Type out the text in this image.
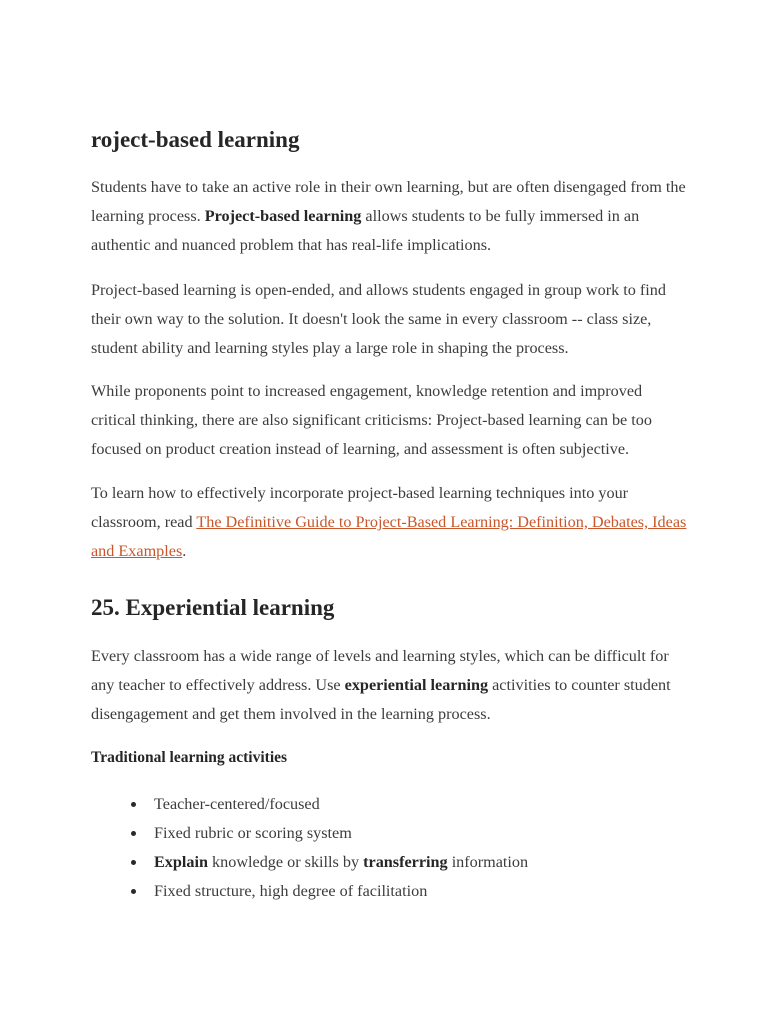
roject-based learning

Students have to take an active role in their own learning, but are often disengaged from the learning process. Project-based learning allows students to be fully immersed in an authentic and nuanced problem that has real-life implications.

Project-based learning is open-ended, and allows students engaged in group work to find their own way to the solution. It doesn't look the same in every classroom -- class size, student ability and learning styles play a large role in shaping the process.

While proponents point to increased engagement, knowledge retention and improved critical thinking, there are also significant criticisms: Project-based learning can be too focused on product creation instead of learning, and assessment is often subjective.

To learn how to effectively incorporate project-based learning techniques into your classroom, read The Definitive Guide to Project-Based Learning: Definition, Debates, Ideas and Examples.

25. Experiential learning

Every classroom has a wide range of levels and learning styles, which can be difficult for any teacher to effectively address. Use experiential learning activities to counter student disengagement and get them involved in the learning process.

Traditional learning activities
Teacher-centered/focused
Fixed rubric or scoring system
Explain knowledge or skills by transferring information
Fixed structure, high degree of facilitation
